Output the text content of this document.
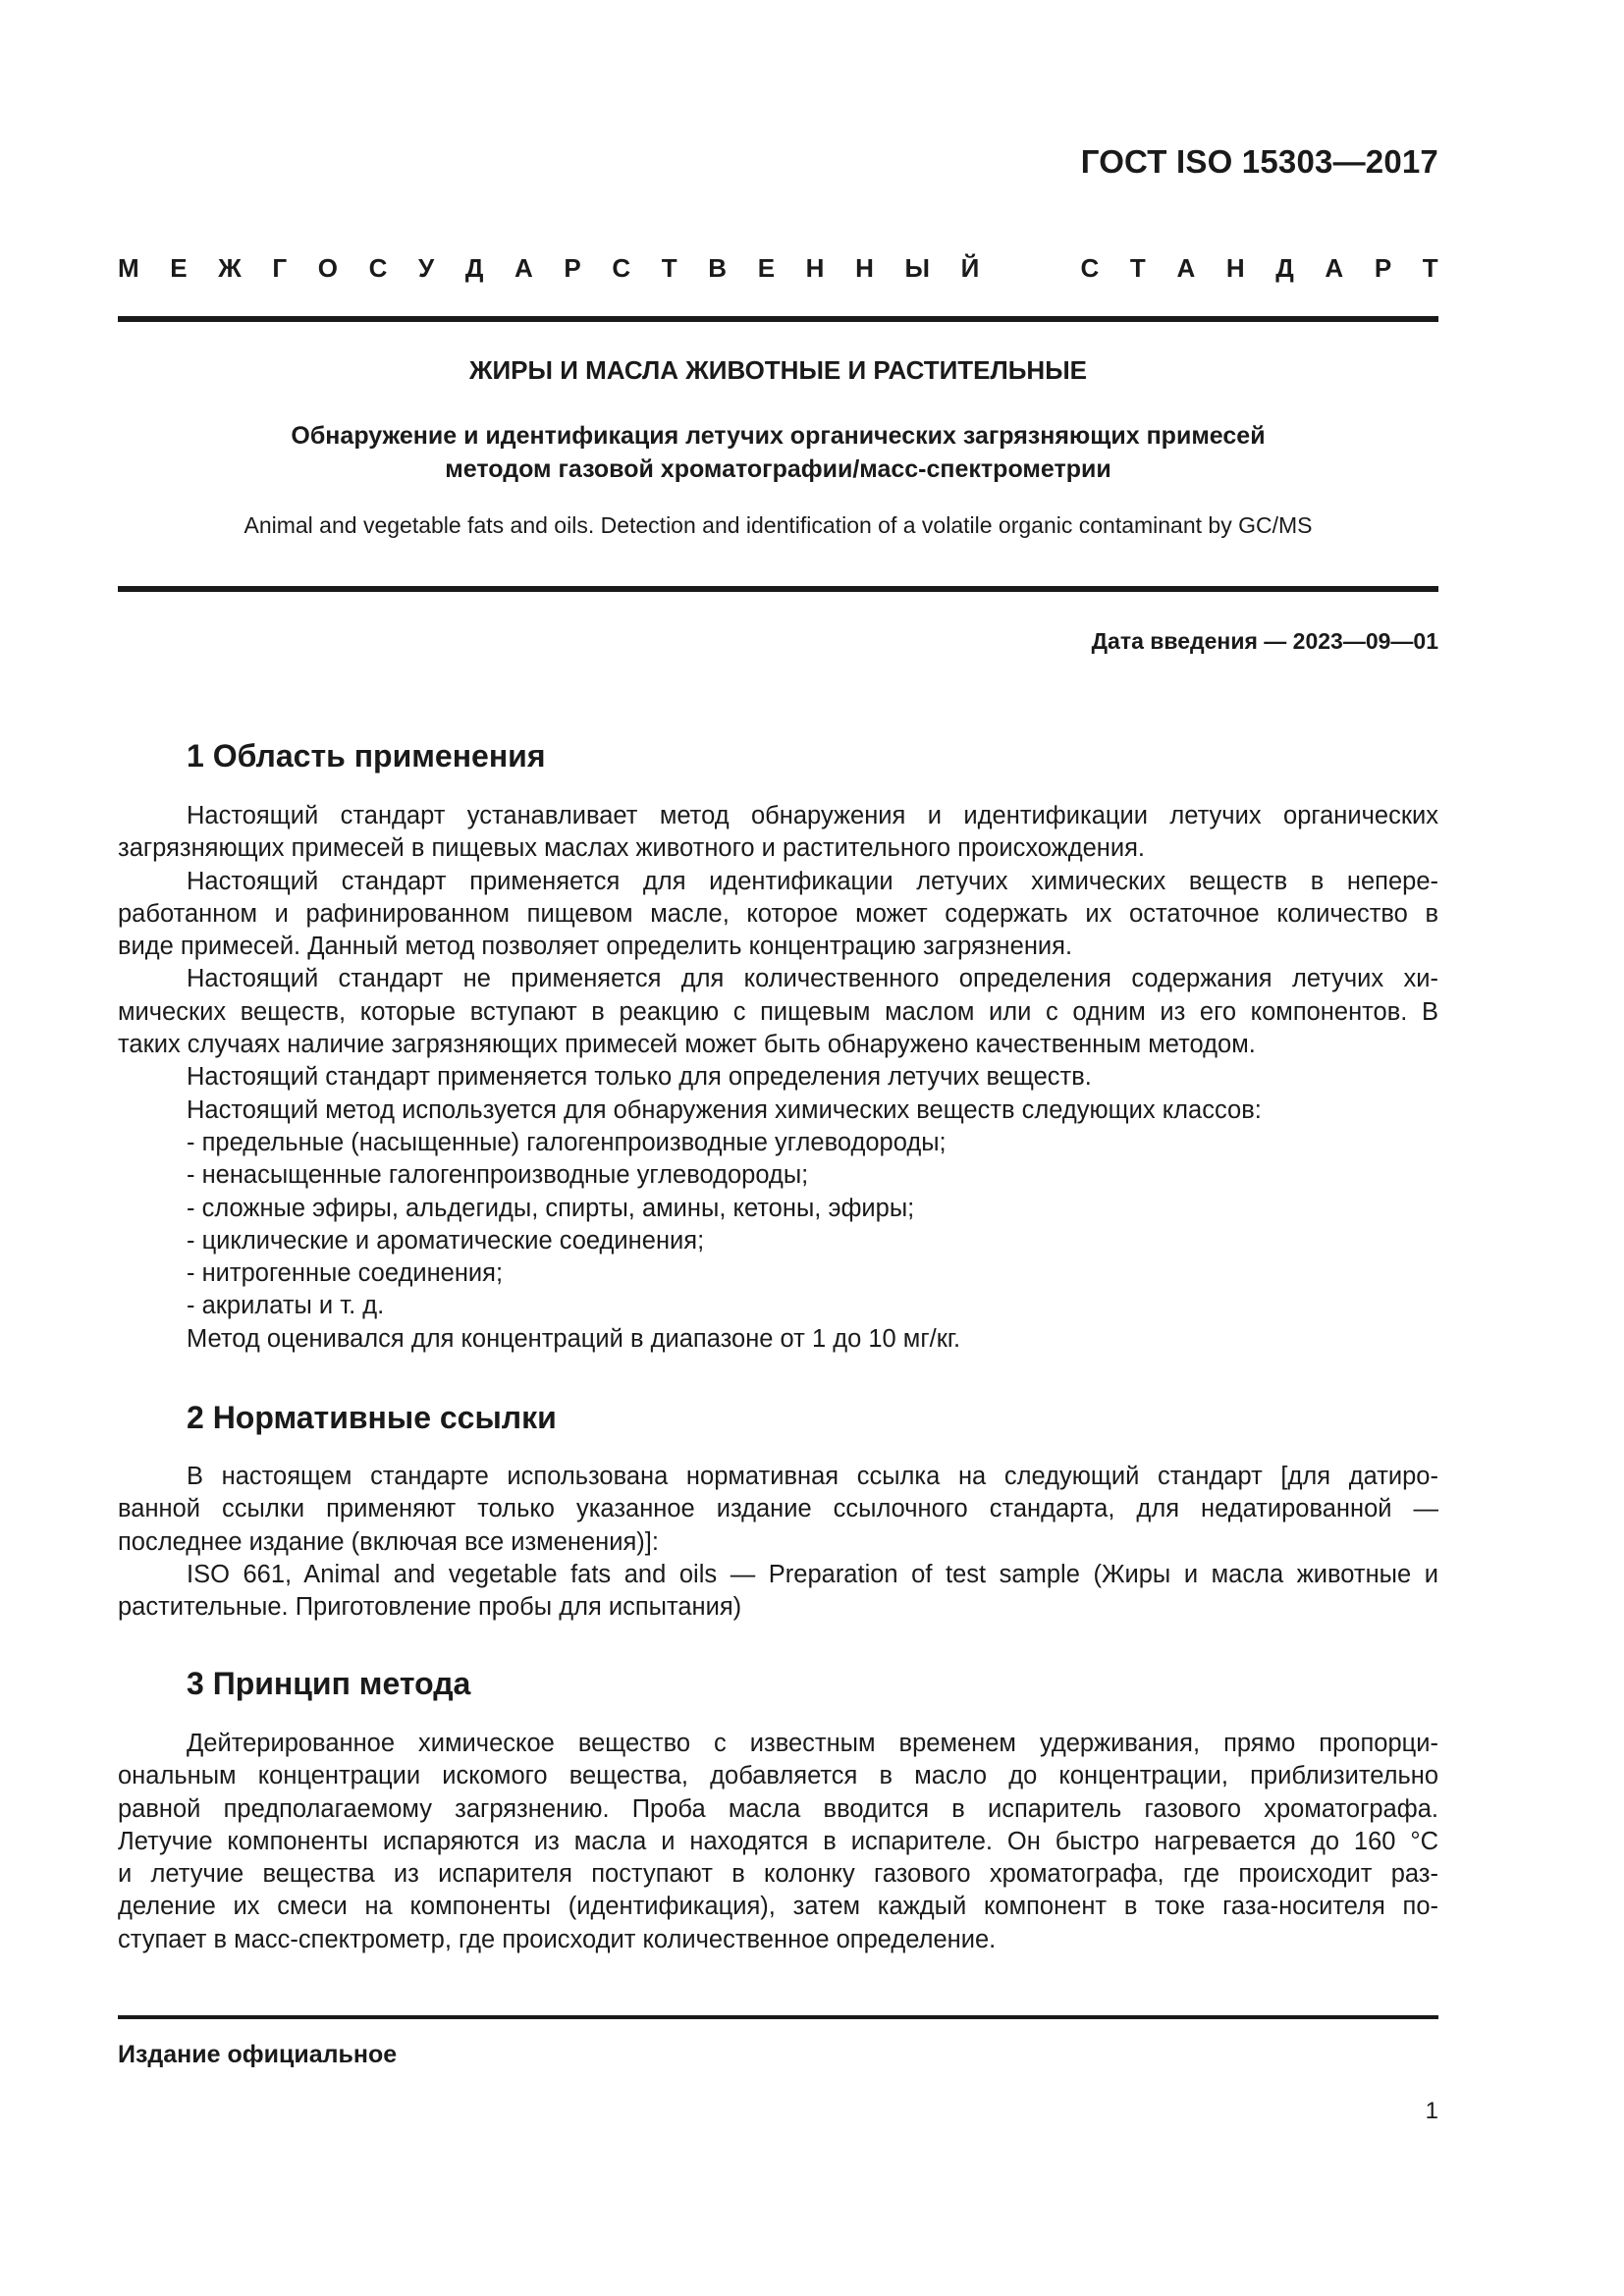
ГОСТ ISO 15303—2017
М Е Ж Г О С У Д А Р С Т В Е Н Н Ы Й	С Т А Н Д А Р Т
ЖИРЫ И МАСЛА ЖИВОТНЫЕ И РАСТИТЕЛЬНЫЕ
Обнаружение и идентификация летучих органических загрязняющих примесей
методом газовой хроматографии/масс-спектрометрии
Animal and vegetable fats and oils. Detection and identification of a volatile organic contaminant by GC/MS
Дата введения — 2023—09—01
1 Область применения
Настоящий стандарт устанавливает метод обнаружения и идентификации летучих органических
загрязняющих примесей в пищевых маслах животного и растительного происхождения.
Настоящий стандарт применяется для идентификации летучих химических веществ в непере-
работанном и рафинированном пищевом масле, которое может содержать их остаточное количество в
виде примесей. Данный метод позволяет определить концентрацию загрязнения.
Настоящий стандарт не применяется для количественного определения содержания летучих хи-
мических веществ, которые вступают в реакцию с пищевым маслом или с одним из его компонентов. В
таких случаях наличие загрязняющих примесей может быть обнаружено качественным методом.
Настоящий стандарт применяется только для определения летучих веществ.
Настоящий метод используется для обнаружения химических веществ следующих классов:
- предельные (насыщенные) галогенпроизводные углеводороды;
- ненасыщенные галогенпроизводные углеводороды;
- сложные эфиры, альдегиды, спирты, амины, кетоны, эфиры;
- циклические и ароматические соединения;
- нитрогенные соединения;
- акрилаты и т. д.
Метод оценивался для концентраций в диапазоне от 1 до 10 мг/кг.
2 Нормативные ссылки
В настоящем стандарте использована нормативная ссылка на следующий стандарт [для датиро-
ванной ссылки применяют только указанное издание ссылочного стандарта, для недатированной —
последнее издание (включая все изменения)]:
ISO 661, Animal and vegetable fats and oils — Preparation of test sample (Жиры и масла животные и
растительные. Приготовление пробы для испытания)
3 Принцип метода
Дейтерированное химическое вещество с известным временем удерживания, прямо пропорци-
ональным концентрации искомого вещества, добавляется в масло до концентрации, приблизительно
равной предполагаемому загрязнению. Проба масла вводится в испаритель газового хроматографа.
Летучие компоненты испаряются из масла и находятся в испарителе. Он быстро нагревается до 160 °С
и летучие вещества из испарителя поступают в колонку газового хроматографа, где происходит раз-
деление их смеси на компоненты (идентификация), затем каждый компонент в токе газа-носителя по-
ступает в масс-спектрометр, где происходит количественное определение.
Издание официальное
1
